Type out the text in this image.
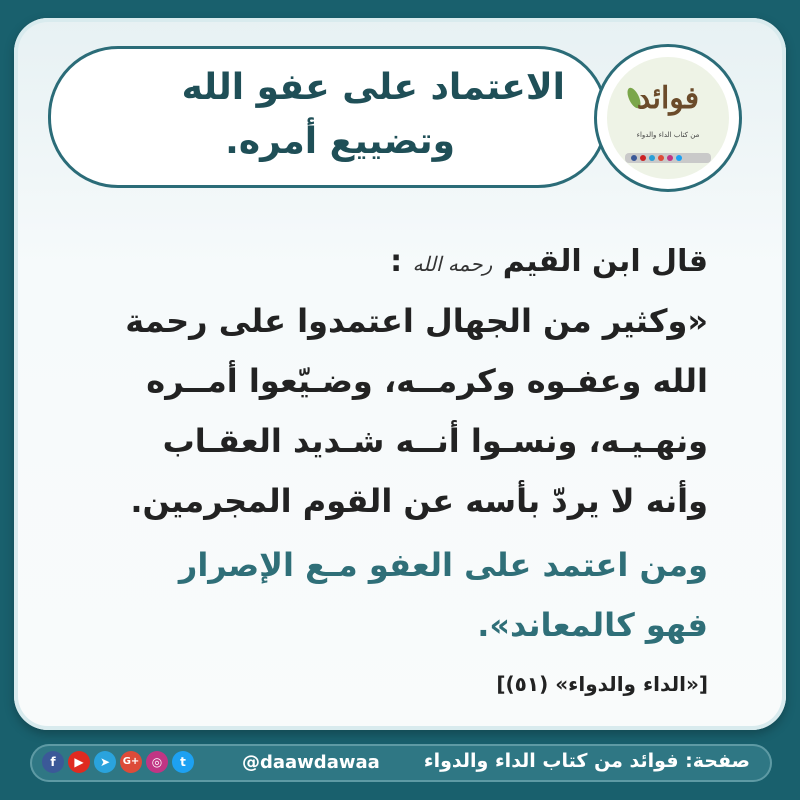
الاعتماد على عفو الله
وتضييع أمره.
فوائد
من كتاب الداء والدواء
قال ابن القيم رحمه الله :
«وكثير من الجهال اعتمدوا على رحمة
الله وعفـوه وكرمــه، وضـيّعوا أمــره
ونهـيـه، ونسـوا أنــه شـديد العقـاب
وأنه لا يردّ بأسه عن القوم المجرمين.
ومن اعتمد على العفو مـع الإصرار
فهو كالمعاند».
[«الداء والدواء» (٥١)]
f	▶	➤	G+	◎	t	@daawdawaa صفحة: فوائد من كتاب الداء والدواء
